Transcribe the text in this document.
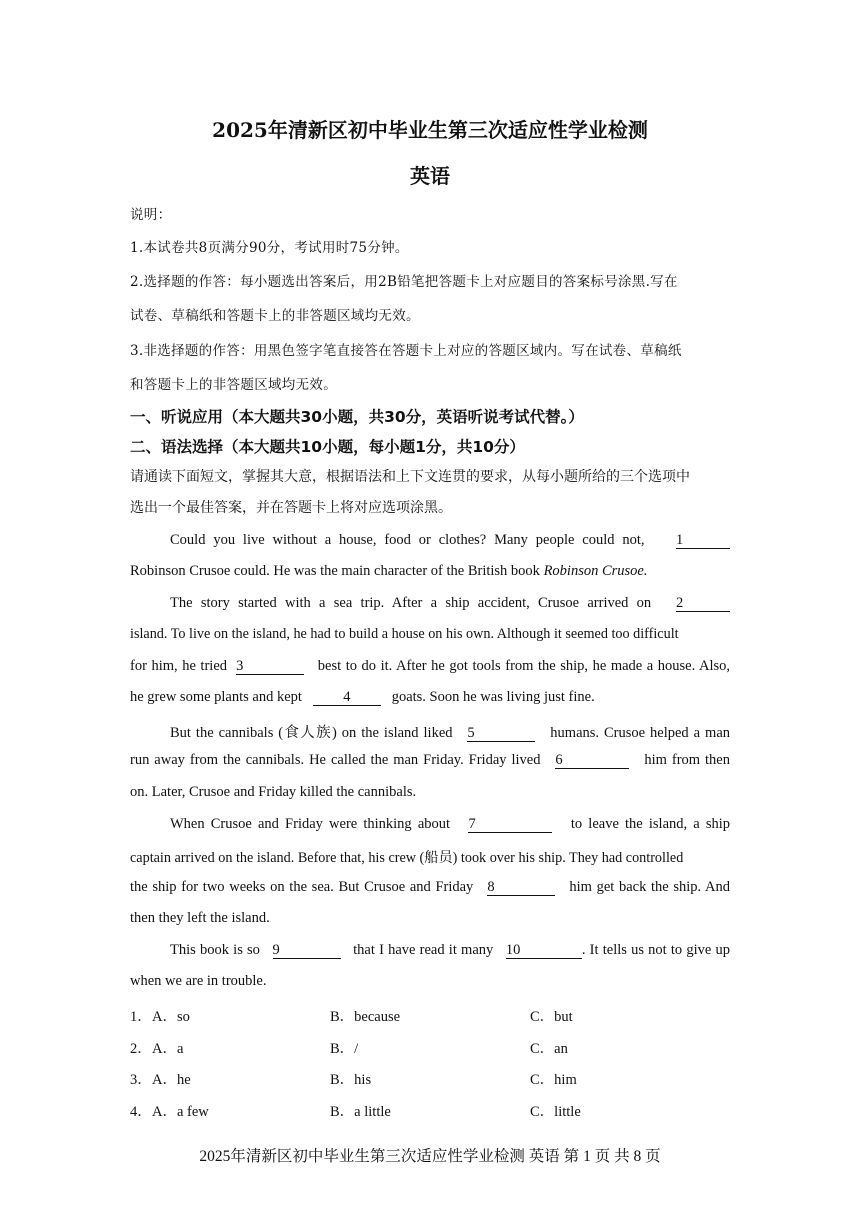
2025年清新区初中毕业生第三次适应性学业检测
英语
说明：
1.本试卷共8页满分90分，考试用时75分钟。
2.选择题的作答：每小题选出答案后，用2B铅笔把答题卡上对应题目的答案标号涂黑.写在
试卷、草稿纸和答题卡上的非答题区域均无效。
3.非选择题的作答：用黑色签字笔直接答在答题卡上对应的答题区域内。写在试卷、草稿纸
和答题卡上的非答题区域均无效。
一、听说应用（本大题共30小题，共30分，英语听说考试代替。）
二、语法选择（本大题共10小题，每小题1分，共10分）
请通读下面短文，掌握其大意，根据语法和上下文连贯的要求，从每小题所给的三个选项中
选出一个最佳答案，并在答题卡上将对应选项涂黑。
Could you live without a house, food or clothes? Many people could not, 1
Robinson Crusoe could. He was the main character of the British book Robinson Crusoe.
The story started with a sea trip. After a ship accident, Crusoe arrived on 2
island. To live on the island, he had to build a house on his own. Although it seemed too difficult
for him, he tried 3	best to do it. After he got tools from the ship, he made a house. Also,
he grew some plants and kept	4	goats. Soon he was living just fine.
But the cannibals (食人族) on the island liked 5	humans. Crusoe helped a man
run away from the cannibals. He called the man Friday. Friday lived 6	him from then
on. Later, Crusoe and Friday killed the cannibals.
When Crusoe and Friday were thinking about 7	to leave the island, a ship
captain arrived on the island. Before that, his crew (船员) took over his ship. They had controlled
the ship for two weeks on the sea. But Crusoe and Friday 8	him get back the ship. And
then they left the island.
This book is so 9	that I have read it many 10	. It tells us not to give up
when we are in trouble.
1． A．so	B．because	C．but
2． A．a	B．/	C．an
3． A．he	B．his	C．him
4． A．a few	B．a little	C．little
2025年清新区初中毕业生第三次适应性学业检测 英语 第 1 页 共 8 页
